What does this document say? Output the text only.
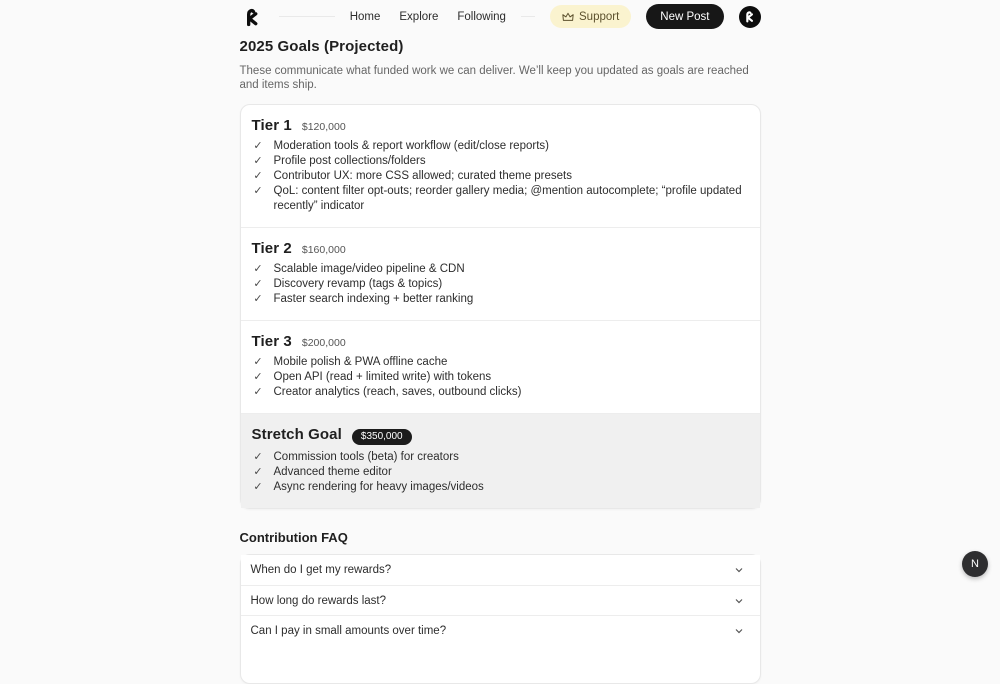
Home Explore Following	Support	New Post
2025 Goals (Projected)

These communicate what funded work we can deliver. We’ll keep you updated as goals are reached and items ship.

Tier 1 $120,000
✓ Moderation tools & report workflow (edit/close reports)
✓ Profile post collections/folders
✓ Contributor UX: more CSS allowed; curated theme presets
✓ QoL: content filter opt-outs; reorder gallery media; @mention autocomplete; “profile updated recently” indicator
Tier 2 $160,000
✓ Scalable image/video pipeline & CDN
✓ Discovery revamp (tags & topics)
✓ Faster search indexing + better ranking
Tier 3 $200,000
✓ Mobile polish & PWA offline cache
✓ Open API (read + limited write) with tokens
✓ Creator analytics (reach, saves, outbound clicks)
Stretch Goal	$350,000
✓ Commission tools (beta) for creators
✓ Advanced theme editor
✓ Async rendering for heavy images/videos
Contribution FAQ
When do I get my rewards?
How long do rewards last?
Can I pay in small amounts over time?
N
